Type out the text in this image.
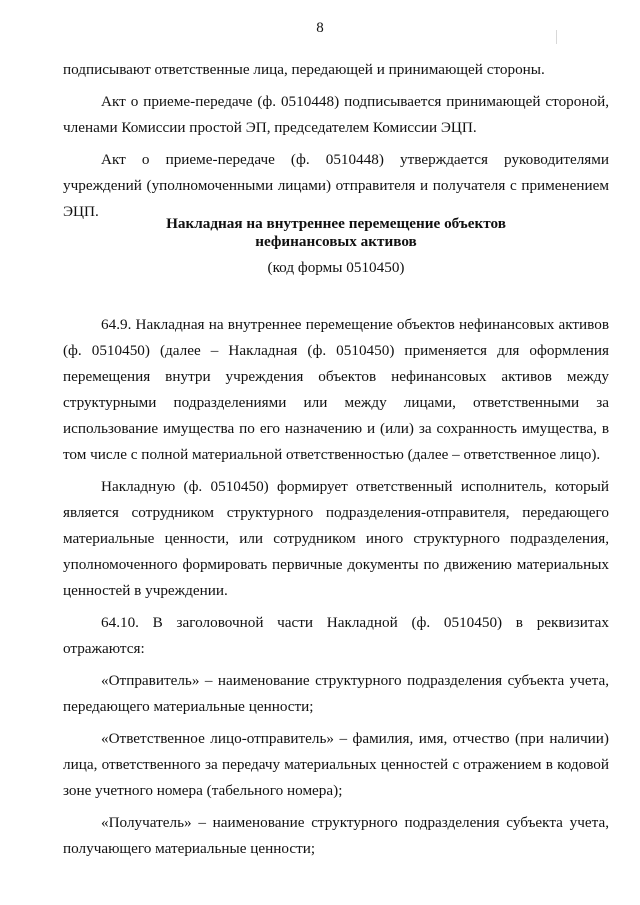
8

подписывают ответственные лица, передающей и принимающей стороны.

Акт о приеме-передаче (ф. 0510448) подписывается принимающей стороной, членами Комиссии простой ЭП, председателем Комиссии ЭЦП.

Акт о приеме-передаче (ф. 0510448) утверждается руководителями учреждений (уполномоченными лицами) отправителя и получателя с применением ЭЦП.

Накладная на внутреннее перемещение объектов
нефинансовых активов
(код формы 0510450)

64.9. Накладная на внутреннее перемещение объектов нефинансовых активов (ф. 0510450) (далее – Накладная (ф. 0510450) применяется для оформления перемещения внутри учреждения объектов нефинансовых активов между структурными подразделениями или между лицами, ответственными за использование имущества по его назначению и (или) за сохранность имущества, в том числе с полной материальной ответственностью (далее – ответственное лицо).

Накладную (ф. 0510450) формирует ответственный исполнитель, который является сотрудником структурного подразделения-отправителя, передающего материальные ценности, или сотрудником иного структурного подразделения, уполномоченного формировать первичные документы по движению материальных ценностей в учреждении.

64.10. В заголовочной части Накладной (ф. 0510450) в реквизитах отражаются:

«Отправитель» – наименование структурного подразделения субъекта учета, передающего материальные ценности;

«Ответственное лицо-отправитель» – фамилия, имя, отчество (при наличии) лица, ответственного за передачу материальных ценностей с отражением в кодовой зоне учетного номера (табельного номера);

«Получатель» – наименование структурного подразделения субъекта учета, получающего материальные ценности;
